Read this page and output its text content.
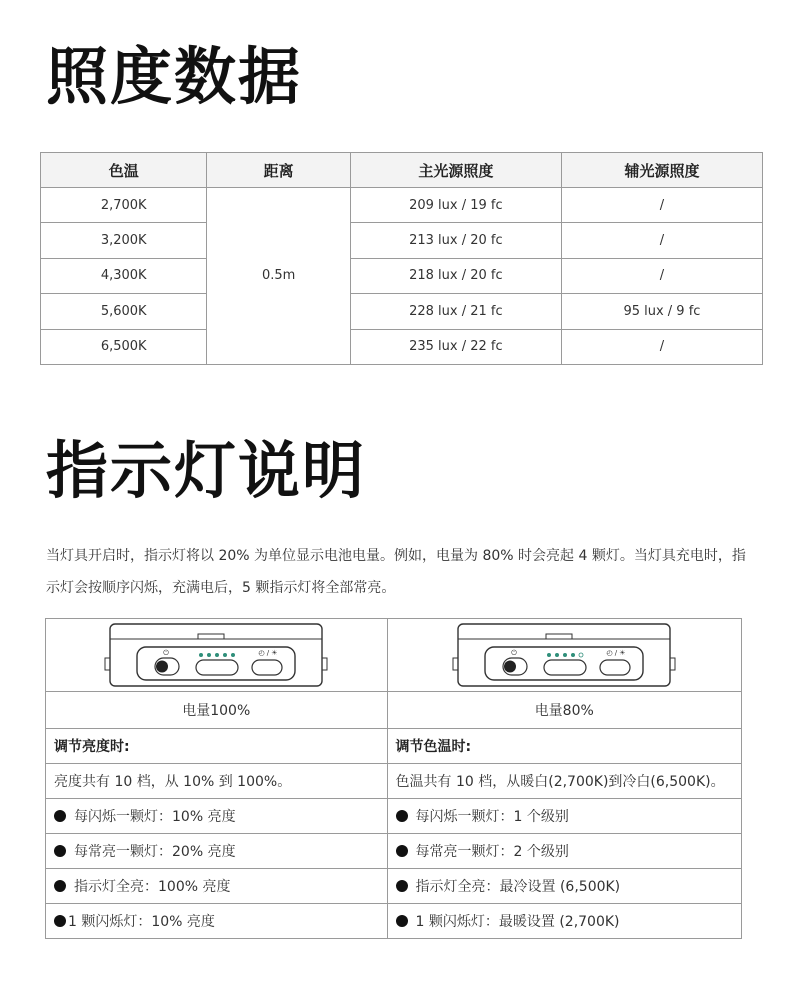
照度数据
色温	距离	主光源照度	辅光源照度
2,700K	0.5m	209 lux / 19 fc	/
3,200K		213 lux / 20 fc	/
4,300K		218 lux / 20 fc	/
5,600K		228 lux / 21 fc	95 lux / 9 fc
6,500K		235 lux / 22 fc	/
指示灯说明

当灯具开启时，指示灯将以 20% 为单位显示电池电量。例如，电量为 80% 时会亮起 4 颗灯。当灯具充电时，指示灯会按顺序闪烁，充满电后，5 颗指示灯将全部常亮。

⏻ ◴ / ☀	⏻ ◴ / ☀

电量100%	电量80%
调节亮度时:	调节色温时:
亮度共有 10 档，从 10% 到 100%。	色温共有 10 档，从暖白(2,700K)到冷白(6,500K)。
每闪烁一颗灯：10% 亮度	每闪烁一颗灯：1 个级别
每常亮一颗灯：20% 亮度	每常亮一颗灯：2 个级别
指示灯全亮：100% 亮度	指示灯全亮：最冷设置 (6,500K)
1 颗闪烁灯：10% 亮度	1 颗闪烁灯：最暖设置 (2,700K)
